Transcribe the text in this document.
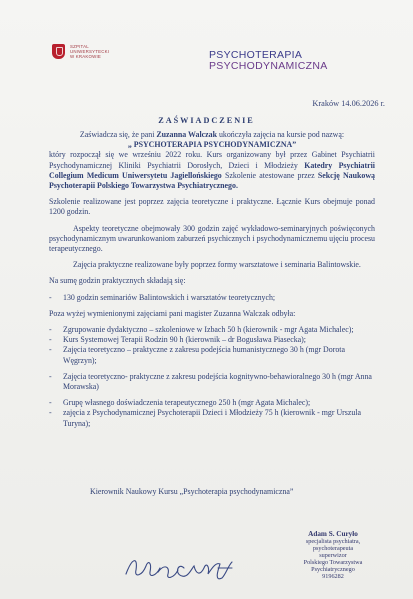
SZPITAL
UNIWERSYTECKI
W KRAKOWIE	PSYCHOTERAPIA
PSYCHODYNAMICZNA
Kraków 14.06.2026 r.
ZAŚWIADCZENIE

Zaświadcza się, że pani Zuzanna Walczak ukończyła zajęcia na kursie pod nazwą:

„ PSYCHOTERAPIA PSYCHODYNAMICZNA”

który rozpoczął się we wrześniu 2022 roku. Kurs organizowany był przez Gabinet Psychiatrii Psychodynamicznej Kliniki Psychiatrii Dorosłych, Dzieci i Młodzieży Katedry Psychiatrii Collegium Medicum Uniwersytetu Jagiellońskiego Szkolenie atestowane przez Sekcję Naukową Psychoterapii Polskiego Towarzystwa Psychiatrycznego.

Szkolenie realizowane jest poprzez zajęcia teoretyczne i praktyczne. Łącznie Kurs obejmuje ponad 1200 godzin.

Aspekty teoretyczne obejmowały 300 godzin zajęć wykładowo-seminaryjnych poświęconych psychodynamicznym uwarunkowaniom zaburzeń psychicznych i psychodynamicznemu ujęciu procesu terapeutycznego.

Zajęcia praktyczne realizowane były poprzez formy warsztatowe i seminaria Balintowskie.

Na sumę godzin praktycznych składają się:

-	130 godzin seminariów Balintowskich i warsztatów teoretycznych;

Poza wyżej wymienionymi zajęciami pani magister Zuzanna Walczak odbyła:

-	Zgrupowanie dydaktyczno – szkoleniowe w Izbach 50 h (kierownik - mgr Agata Michalec);
-	Kurs Systemowej Terapii Rodzin 90 h (kierownik – dr Bogusława Piasecka);
-	Zajęcia teoretyczno – praktyczne z zakresu podejścia humanistycznego 30 h (mgr Dorota Węgrzyn);
-	Zajęcia teoretyczno- praktyczne z zakresu podejścia kognitywno-behawioralnego 30 h (mgr Anna Morawska)
-	Grupę własnego doświadczenia terapeutycznego 250 h (mgr Agata Michalec);
-	zajęcia z Psychodynamicznej Psychoterapii Dzieci i Młodzieży 75 h (kierownik - mgr Urszula Turyna);
Kierownik Naukowy Kursu „Psychoterapia psychodynamiczna”
Adam S. Curyło
specjalista psychiatra, psychoterapeuta
superwizor
Polskiego Towarzystwa Psychiatrycznego
9196282
